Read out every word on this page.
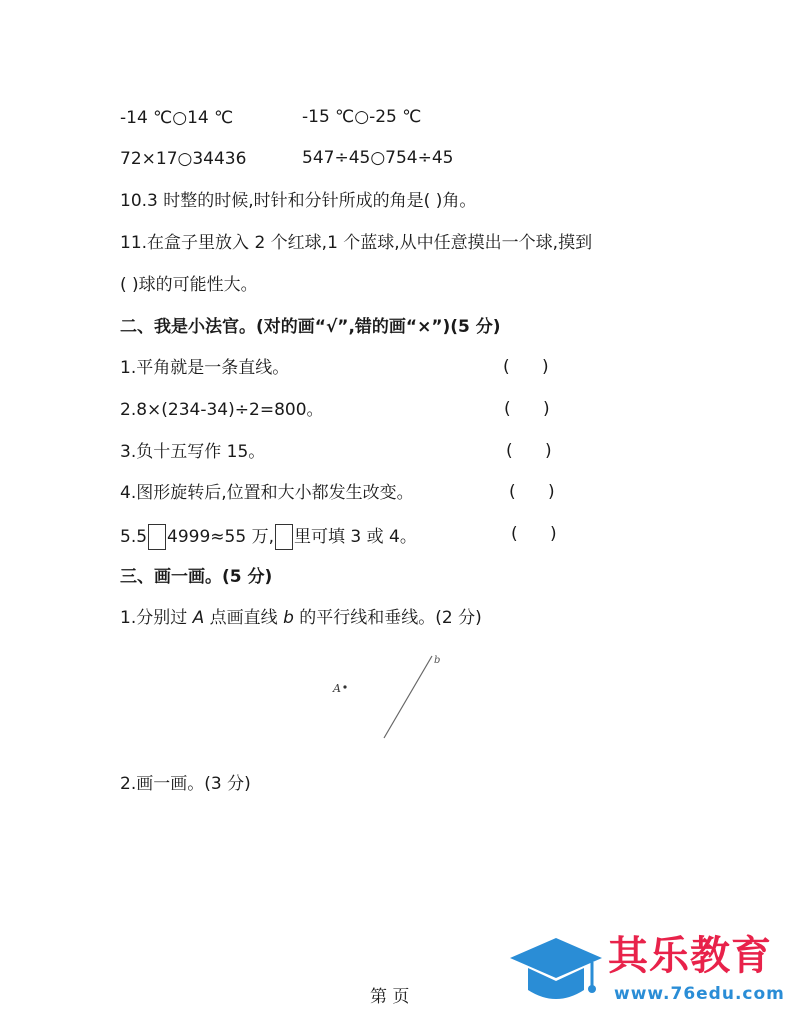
-14 ℃○14 ℃	-15 ℃○-25 ℃
72×17○34436	547÷45○754÷45
10.3 时整的时候,时针和分针所成的角是( )角。
11.在盒子里放入 2 个红球,1 个蓝球,从中任意摸出一个球,摸到
( )球的可能性大。
二、我是小法官。(对的画“√”,错的画“×”)(5 分)
1.平角就是一条直线。	(      )
2.8×(234-34)÷2=800。	(      )
3.负十五写作 15。	(      )
4.图形旋转后,位置和大小都发生改变。	(      )
5.5 4999≈55 万, 里可填 3 或 4。	(      )
三、画一画。(5 分)
1.分别过 A 点画直线 b 的平行线和垂线。(2 分)
A
b
2.画一画。(3 分)
其乐教育
www.76edu.com
第 页
